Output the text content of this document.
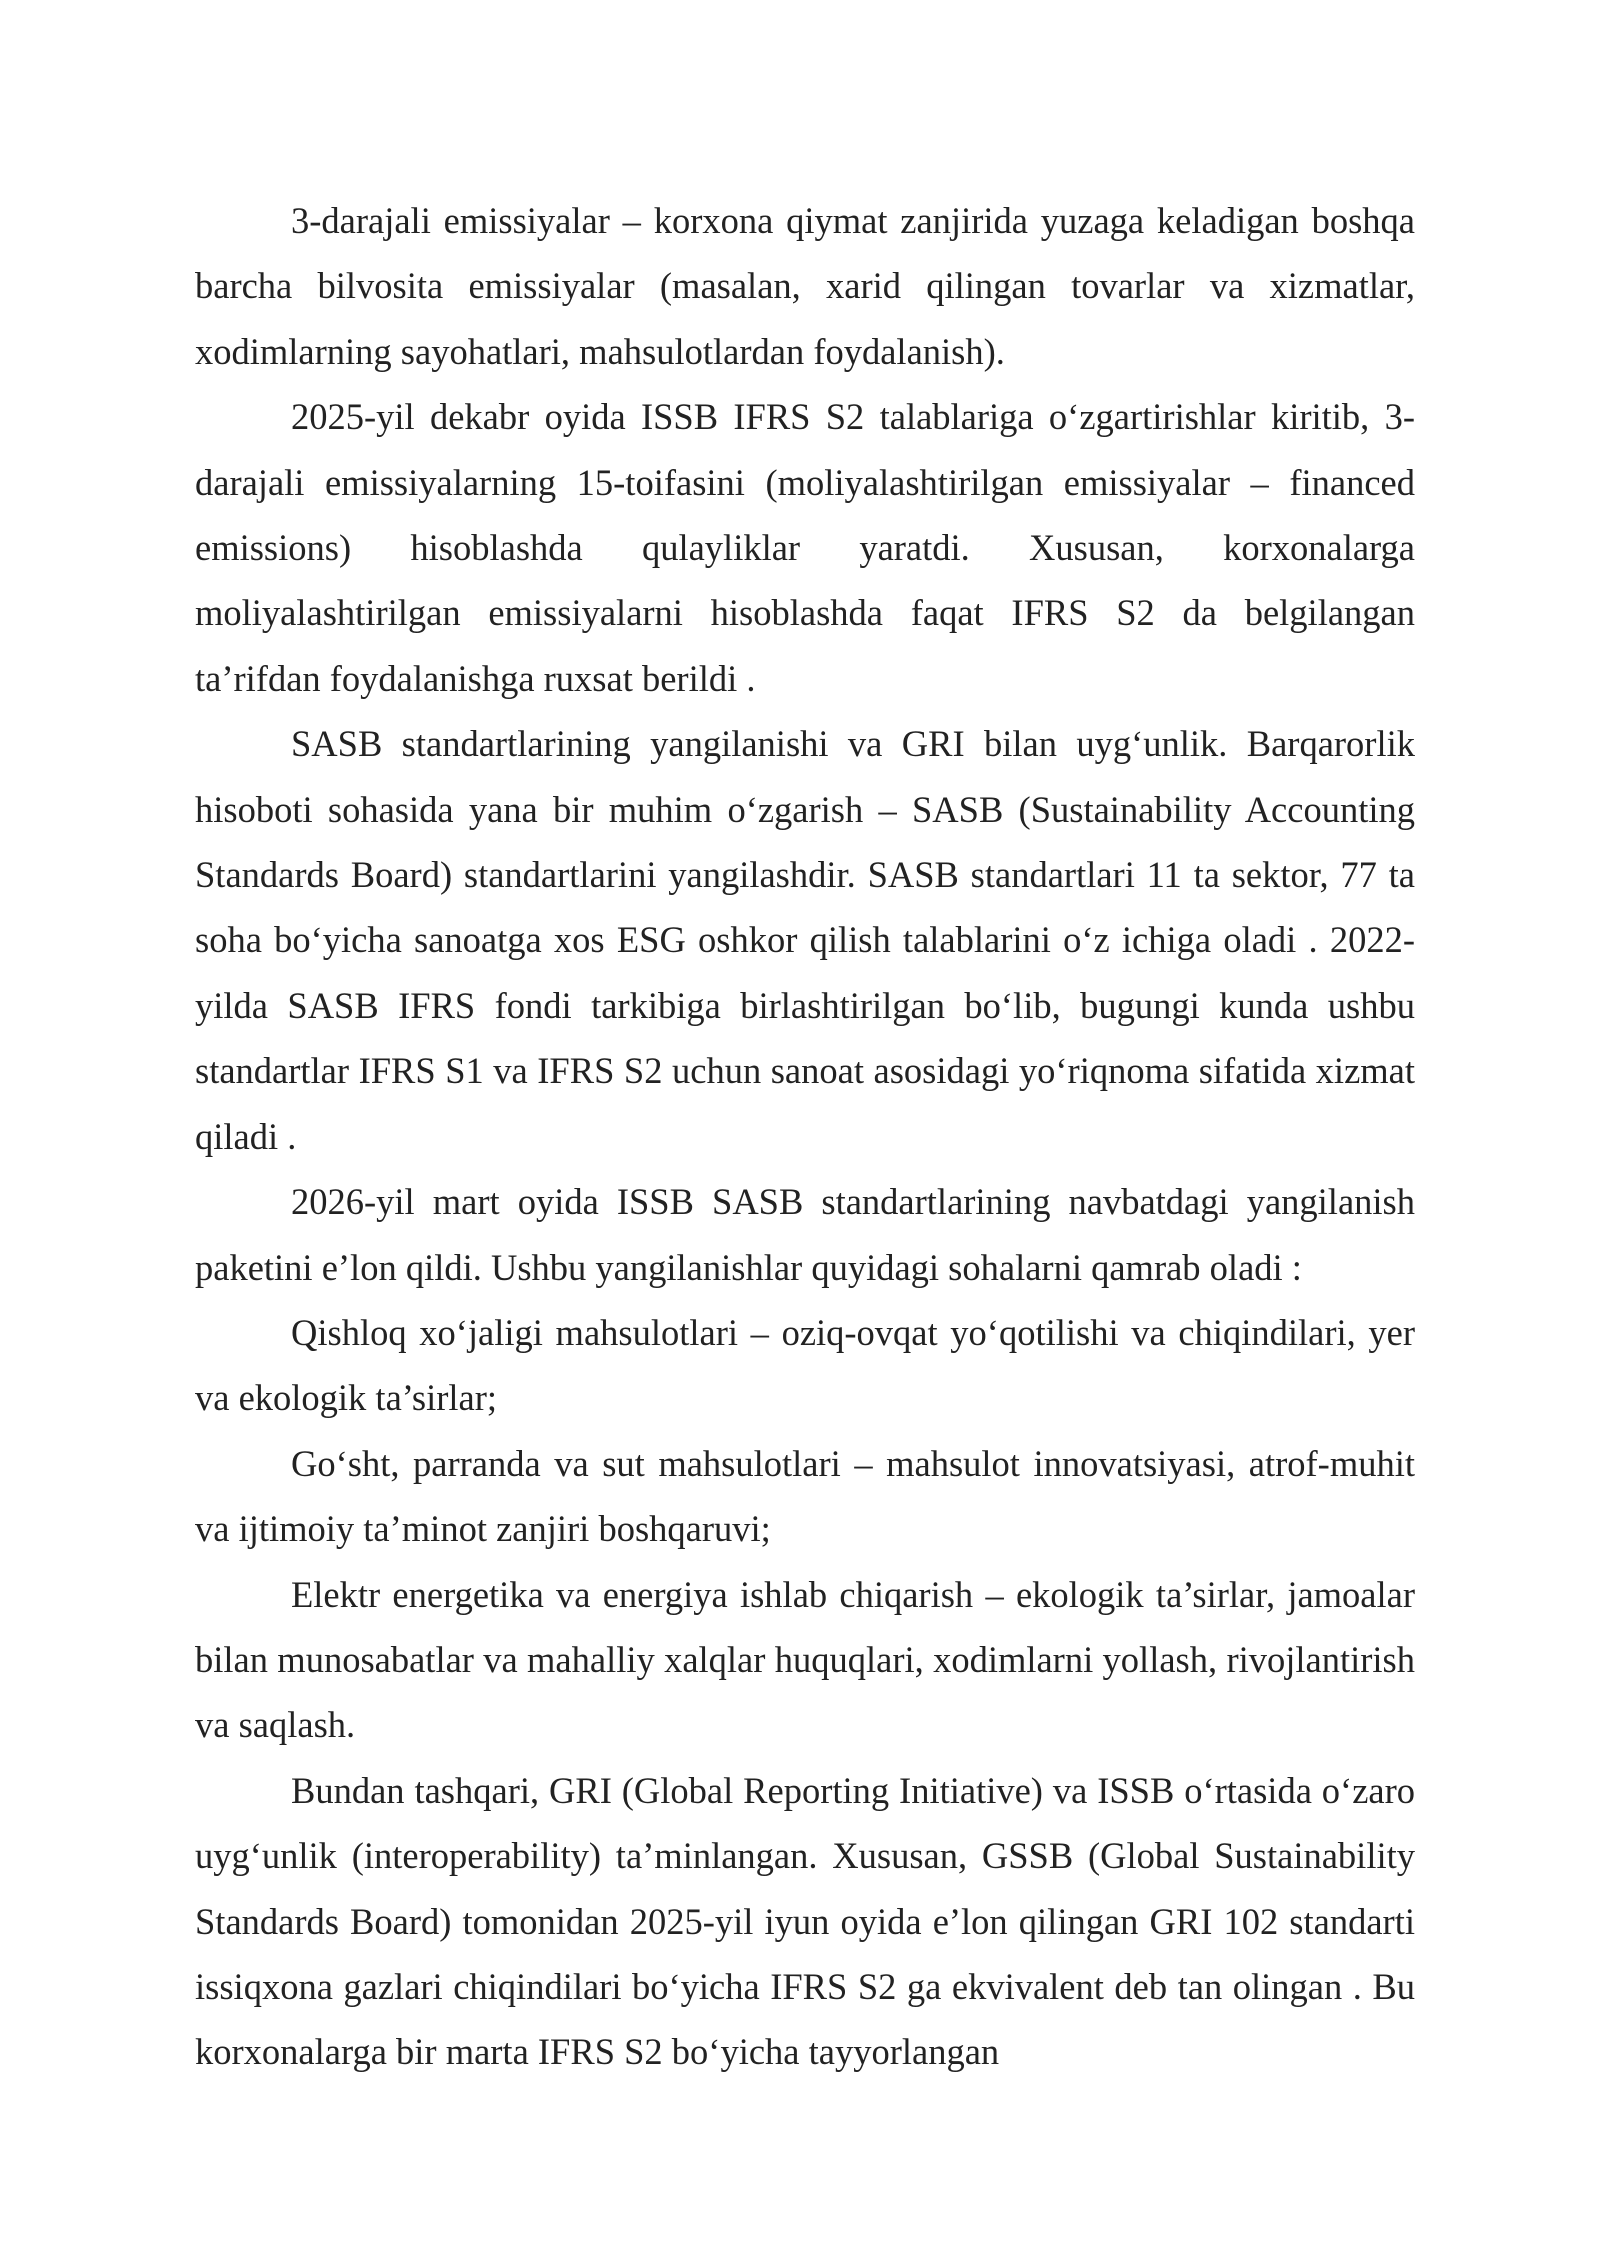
3-darajali emissiyalar – korxona qiymat zanjirida yuzaga keladigan boshqa barcha bilvosita emissiyalar (masalan, xarid qilingan tovarlar va xizmatlar, xodimlarning sayohatlari, mahsulotlardan foydalanish).

2025-yil dekabr oyida ISSB IFRS S2 talablariga oʻzgartirishlar kiritib, 3-darajali emissiyalarning 15-toifasini (moliyalashtirilgan emissiyalar – financed emissions) hisoblashda qulayliklar yaratdi. Xususan, korxonalarga moliyalashtirilgan emissiyalarni hisoblashda faqat IFRS S2 da belgilangan ta’rifdan foydalanishga ruxsat berildi .

SASB standartlarining yangilanishi va GRI bilan uygʻunlik. Barqarorlik hisoboti sohasida yana bir muhim oʻzgarish – SASB (Sustainability Accounting Standards Board) standartlarini yangilashdir. SASB standartlari 11 ta sektor, 77 ta soha boʻyicha sanoatga xos ESG oshkor qilish talablarini oʻz ichiga oladi . 2022-yilda SASB IFRS fondi tarkibiga birlashtirilgan boʻlib, bugungi kunda ushbu standartlar IFRS S1 va IFRS S2 uchun sanoat asosidagi yoʻriqnoma sifatida xizmat qiladi .

2026-yil mart oyida ISSB SASB standartlarining navbatdagi yangilanish paketini e’lon qildi. Ushbu yangilanishlar quyidagi sohalarni qamrab oladi :

Qishloq xoʻjaligi mahsulotlari – oziq-ovqat yoʻqotilishi va chiqindilari, yer va ekologik ta’sirlar;

Goʻsht, parranda va sut mahsulotlari – mahsulot innovatsiyasi, atrof-muhit va ijtimoiy ta’minot zanjiri boshqaruvi;

Elektr energetika va energiya ishlab chiqarish – ekologik ta’sirlar, jamoalar bilan munosabatlar va mahalliy xalqlar huquqlari, xodimlarni yollash, rivojlantirish va saqlash.

Bundan tashqari, GRI (Global Reporting Initiative) va ISSB oʻrtasida oʻzaro uygʻunlik (interoperability) ta’minlangan. Xususan, GSSB (Global Sustainability Standards Board) tomonidan 2025-yil iyun oyida e’lon qilingan GRI 102 standarti issiqxona gazlari chiqindilari boʻyicha IFRS S2 ga ekvivalent deb tan olingan . Bu korxonalarga bir marta IFRS S2 boʻyicha tayyorlangan
